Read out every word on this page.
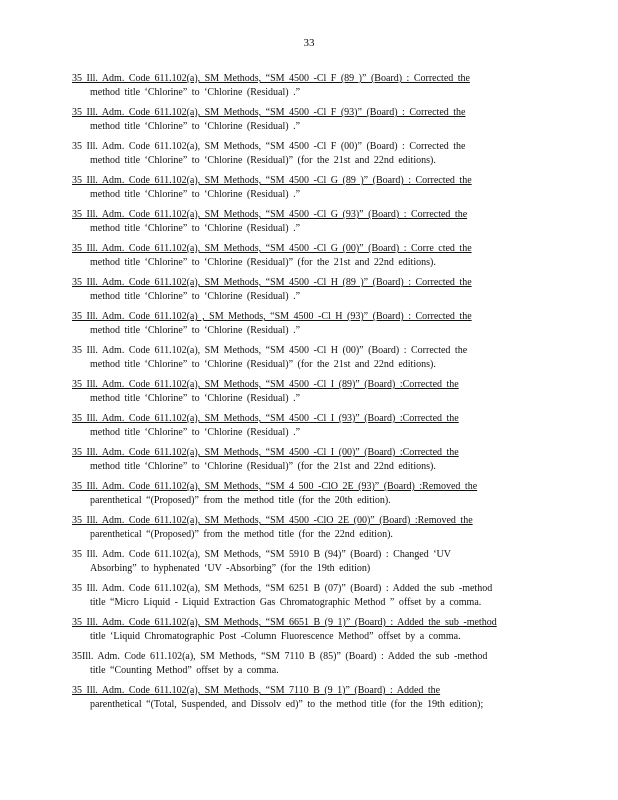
33
35 Ill. Adm. Code 611.102(a), SM Methods, “SM 4500 -Cl F (89 )” (Board) : Corrected the
method title ‘Chlorine” to ‘Chlorine (Residual) .”
35 Ill. Adm. Code 611.102(a), SM Methods, “SM 4500 -Cl F (93)” (Board) : Corrected the
method title ‘Chlorine” to ‘Chlorine (Residual) .”
35 Ill. Adm. Code 611.102(a), SM Methods, “SM 4500 -Cl F (00)” (Board) : Corrected the
method title ‘Chlorine” to ‘Chlorine (Residual)” (for the 21st and 22nd editions).
35 Ill. Adm. Code 611.102(a), SM Methods, “SM 4500 -Cl G (89 )” (Board) : Corrected the
method title ‘Chlorine” to ‘Chlorine (Residual) .”
35 Ill. Adm. Code 611.102(a), SM Methods, “SM 4500 -Cl G (93)” (Board) : Corrected the
method title ‘Chlorine” to ‘Chlorine (Residual) .”
35 Ill. Adm. Code 611.102(a), SM Methods, “SM 4500 -Cl G (00)” (Board) : Corre cted the
method title ‘Chlorine” to ‘Chlorine (Residual)” (for the 21st and 22nd editions).
35 Ill. Adm. Code 611.102(a), SM Methods, “SM 4500 -Cl H (89 )” (Board) : Corrected the
method title ‘Chlorine” to ‘Chlorine (Residual) .”
35 Ill. Adm. Code 611.102(a) , SM Methods, “SM 4500 -Cl H (93)” (Board) : Corrected the
method title ‘Chlorine” to ‘Chlorine (Residual) .”
35 Ill. Adm. Code 611.102(a), SM Methods, “SM 4500 -Cl H (00)” (Board) : Corrected the
method title ‘Chlorine” to ‘Chlorine (Residual)” (for the 21st and 22nd editions).
35 Ill. Adm. Code 611.102(a), SM Methods, “SM 4500 -Cl I (89)” (Board) :Corrected the
method title ‘Chlorine” to ‘Chlorine (Residual) .”
35 Ill. Adm. Code 611.102(a), SM Methods, “SM 4500 -Cl I (93)” (Board) :Corrected the
method title ‘Chlorine” to ‘Chlorine (Residual) .”
35 Ill. Adm. Code 611.102(a), SM Methods, “SM 4500 -Cl I (00)” (Board) :Corrected the
method title ‘Chlorine” to ‘Chlorine (Residual)” (for the 21st and 22nd editions).
35 Ill. Adm. Code 611.102(a), SM Methods, “SM 4 500 -ClO 2E (93)” (Board) :Removed the
parenthetical “(Proposed)” from the method title (for the 20th edition).
35 Ill. Adm. Code 611.102(a), SM Methods, “SM 4500 -ClO 2E (00)” (Board) :Removed the
parenthetical “(Proposed)” from the method title (for the 22nd edition).
35 Ill. Adm. Code 611.102(a), SM Methods, “SM 5910 B (94)” (Board) : Changed ‘UV
Absorbing” to hyphenated ‘UV -Absorbing” (for the 19th edition)
35 Ill. Adm. Code 611.102(a), SM Methods, “SM 6251 B (07)” (Board) : Added the sub -method
title “Micro Liquid - Liquid Extraction Gas Chromatographic Method ” offset by a comma.
35 Ill. Adm. Code 611.102(a), SM Methods, “SM 6651 B (9 1)” (Board) : Added the sub -method
title ‘Liquid Chromatographic Post -Column Fluorescence Method” offset by a comma.
35Ill. Adm. Code 611.102(a), SM Methods, “SM 7110 B (85)” (Board) : Added the sub -method
title “Counting Method” offset by a comma.
35 Ill. Adm. Code 611.102(a), SM Methods, “SM 7110 B (9 1)” (Board) : Added the
parenthetical “(Total, Suspended, and Dissolv ed)” to the method title (for the 19th edition);
